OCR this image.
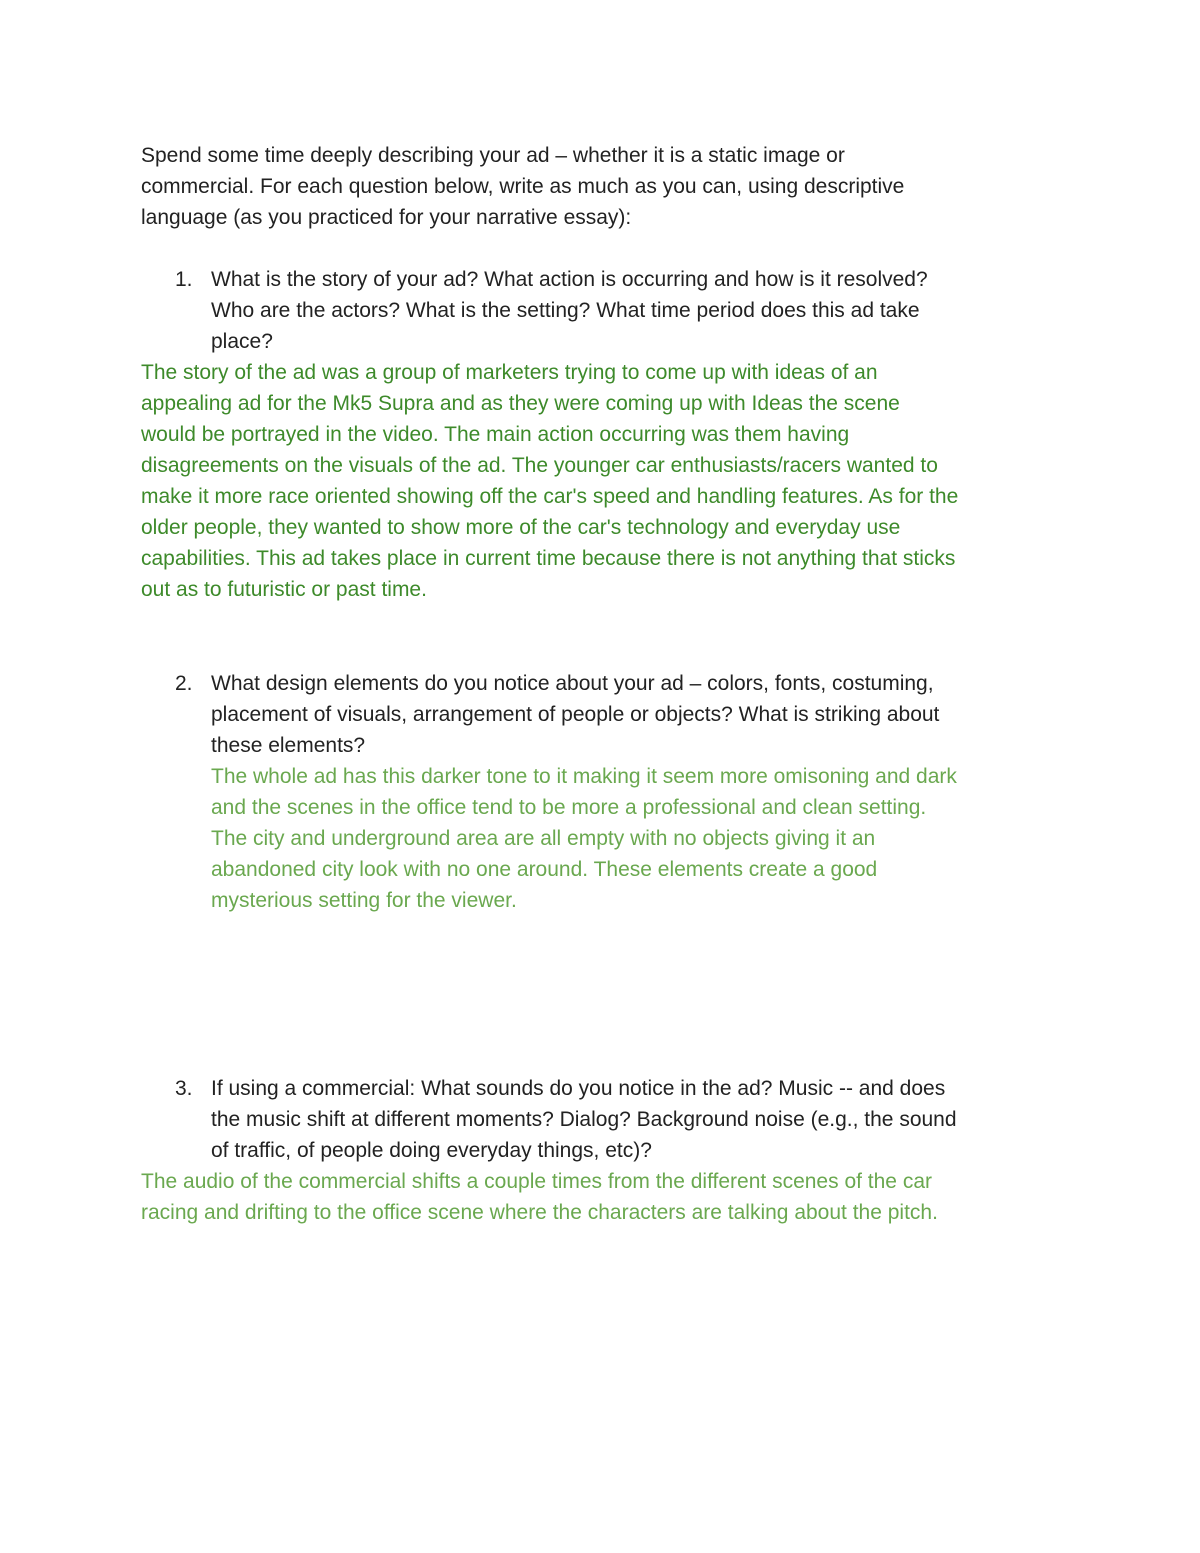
Spend some time deeply describing your ad – whether it is a static image or
commercial. For each question below, write as much as you can, using descriptive
language (as you practiced for your narrative essay):

1. What is the story of your ad? What action is occurring and how is it resolved?
Who are the actors? What is the setting? What time period does this ad take
place?

The story of the ad was a group of marketers trying to come up with ideas of an
appealing ad for the Mk5 Supra and as they were coming up with Ideas the scene
would be portrayed in the video. The main action occurring was them having
disagreements on the visuals of the ad. The younger car enthusiasts/racers wanted to
make it more race oriented showing off the car's speed and handling features. As for the
older people, they wanted to show more of the car's technology and everyday use
capabilities. This ad takes place in current time because there is not anything that sticks
out as to futuristic or past time.

2. What design elements do you notice about your ad – colors, fonts, costuming,
placement of visuals, arrangement of people or objects? What is striking about
these elements?

The whole ad has this darker tone to it making it seem more omisoning and dark
and the scenes in the office tend to be more a professional and clean setting.
The city and underground area are all empty with no objects giving it an
abandoned city look with no one around. These elements create a good
mysterious setting for the viewer.

3. If using a commercial: What sounds do you notice in the ad? Music -- and does
the music shift at different moments? Dialog? Background noise (e.g., the sound
of traffic, of people doing everyday things, etc)?

The audio of the commercial shifts a couple times from the different scenes of the car
racing and drifting to the office scene where the characters are talking about the pitch.
